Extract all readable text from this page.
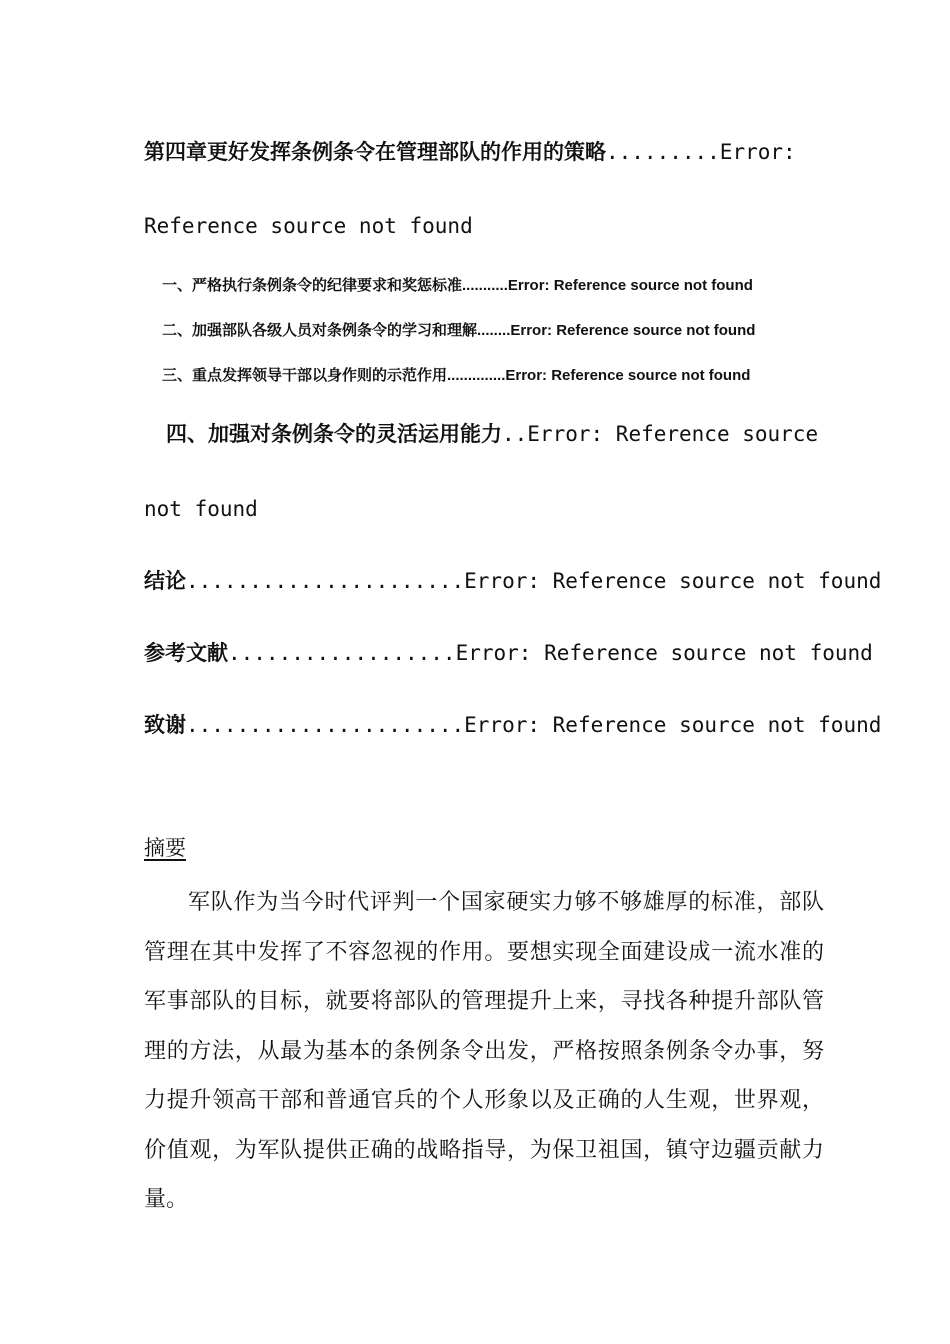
第四章更好发挥条例条令在管理部队的作用的策略.........Error:
Reference source not found
一、严格执行条例条令的纪律要求和奖惩标准...........Error: Reference source not found
二、加强部队各级人员对条例条令的学习和理解........Error: Reference source not found
三、重点发挥领导干部以身作则的示范作用..............Error: Reference source not found
四、加强对条例条令的灵活运用能力..Error: Reference source
not found
结论......................Error: Reference source not found
参考文献..................Error: Reference source not found
致谢......................Error: Reference source not found
摘要
军队作为当今时代评判一个国家硬实力够不够雄厚的标准，部队管理在其中发挥了不容忽视的作用。要想实现全面建设成一流水准的军事部队的目标，就要将部队的管理提升上来，寻找各种提升部队管理的方法，从最为基本的条例条令出发，严格按照条例条令办事，努力提升领高干部和普通官兵的个人形象以及正确的人生观，世界观，价值观，为军队提供正确的战略指导，为保卫祖国，镇守边疆贡献力量。
